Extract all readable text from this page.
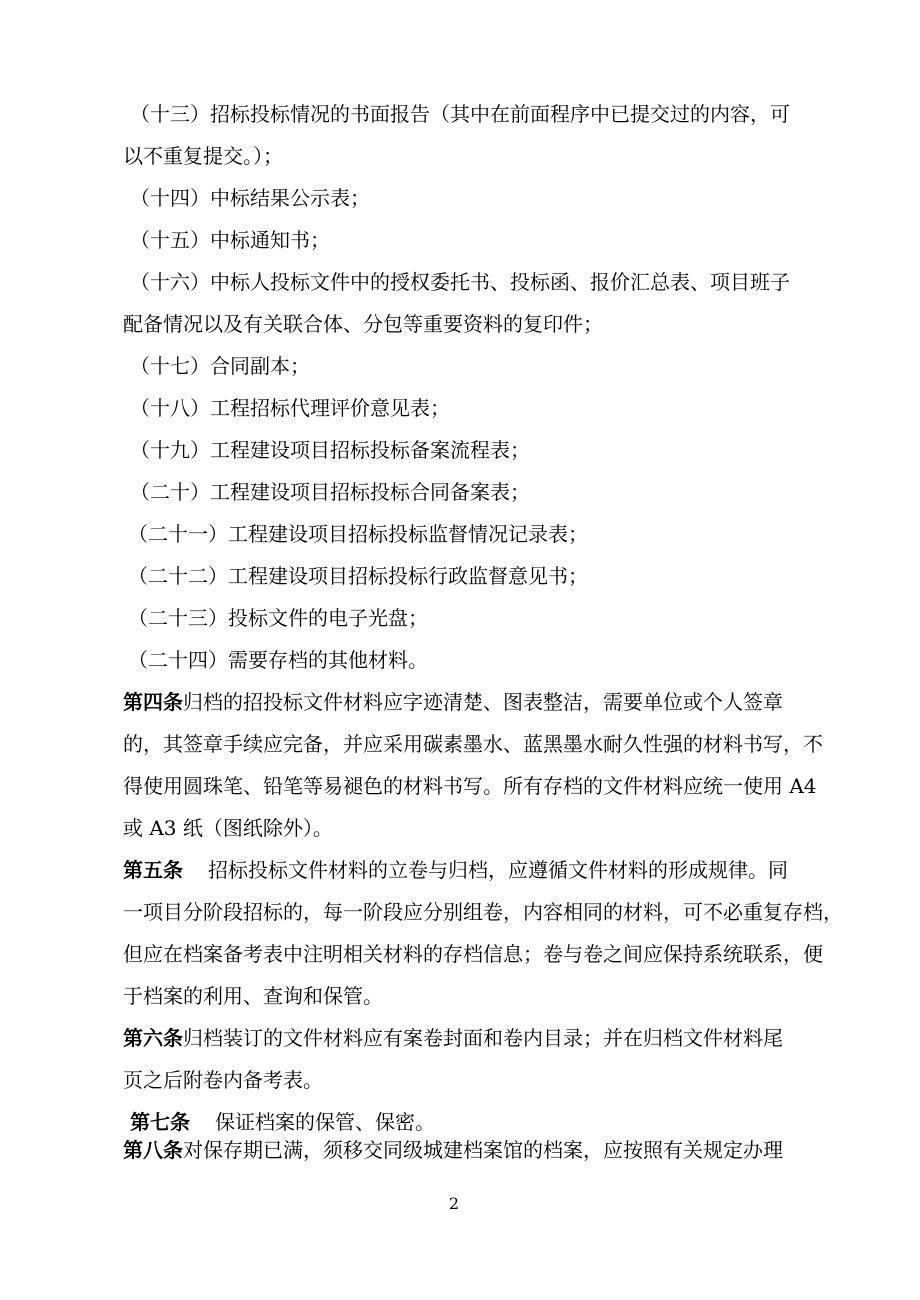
（十三）招标投标情况的书面报告（其中在前面程序中已提交过的内容，可
以不重复提交。）；
（十四）中标结果公示表；
（十五）中标通知书；
（十六）中标人投标文件中的授权委托书、投标函、报价汇总表、项目班子
配备情况以及有关联合体、分包等重要资料的复印件；
（十七）合同副本；
（十八）工程招标代理评价意见表；
（十九）工程建设项目招标投标备案流程表；
（二十）工程建设项目招标投标合同备案表；
（二十一）工程建设项目招标投标监督情况记录表；
（二十二）工程建设项目招标投标行政监督意见书；
（二十三）投标文件的电子光盘；
（二十四）需要存档的其他材料。
第四条归档的招投标文件材料应字迹清楚、图表整洁，需要单位或个人签章
的，其签章手续应完备，并应采用碳素墨水、蓝黑墨水耐久性强的材料书写，不
得使用圆珠笔、铅笔等易褪色的材料书写。所有存档的文件材料应统一使用 A4
或 A3 纸（图纸除外）。
第五条 招标投标文件材料的立卷与归档，应遵循文件材料的形成规律。同
一项目分阶段招标的，每一阶段应分别组卷，内容相同的材料，可不必重复存档，
但应在档案备考表中注明相关材料的存档信息；卷与卷之间应保持系统联系，便
于档案的利用、查询和保管。
第六条归档装订的文件材料应有案卷封面和卷内目录；并在归档文件材料尾
页之后附卷内备考表。
第七条 保证档案的保管、保密。
第八条对保存期已满，须移交同级城建档案馆的档案，应按照有关规定办理
2
